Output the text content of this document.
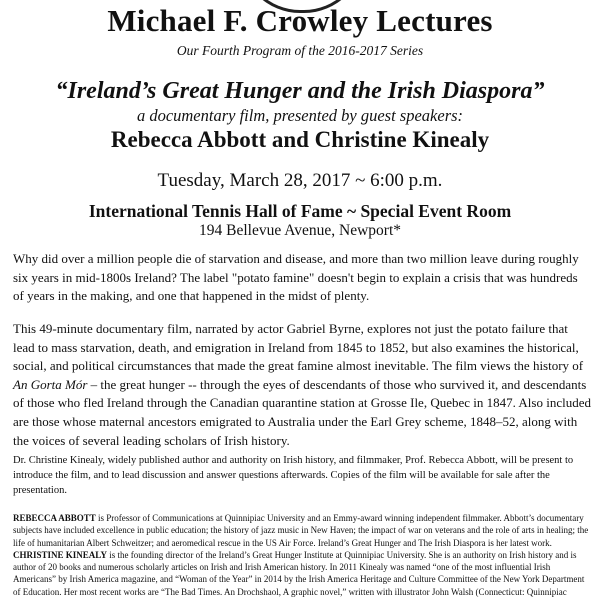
Michael F. Crowley Lectures
Our Fourth Program of the 2016-2017 Series
“Ireland’s Great Hunger and the Irish Diaspora”
a documentary film, presented by guest speakers:
Rebecca Abbott and Christine Kinealy
Tuesday, March 28, 2017 ~ 6:00 p.m.
International Tennis Hall of Fame ~ Special Event Room
194 Bellevue Avenue, Newport*

Why did over a million people die of starvation and disease, and more than two million leave during roughly six years in mid-1800s Ireland? The label "potato famine" doesn't begin to explain a crisis that was hundreds of years in the making, and one that happened in the midst of plenty.

This 49-minute documentary film, narrated by actor Gabriel Byrne, explores not just the potato failure that lead to mass starvation, death, and emigration in Ireland from 1845 to 1852, but also examines the historical, social, and political circumstances that made the great famine almost inevitable. The film views the history of An Gorta Mór – the great hunger -- through the eyes of descendants of those who survived it, and descendants of those who fled Ireland through the Canadian quarantine station at Grosse Ile, Quebec in 1847. Also included are those whose maternal ancestors emigrated to Australia under the Earl Grey scheme, 1848–52, along with the voices of several leading scholars of Irish history.

Dr. Christine Kinealy, widely published author and authority on Irish history, and filmmaker, Prof. Rebecca Abbott, will be present to introduce the film, and to lead discussion and answer questions afterwards. Copies of the film will be available for sale after the presentation.

REBECCA ABBOTT is Professor of Communications at Quinnipiac University and an Emmy-award winning independent filmmaker. Abbott’s documentary subjects have included excellence in public education; the history of jazz music in New Haven; the impact of war on veterans and the role of arts in healing; the life of humanitarian Albert Schweitzer; and aeromedical rescue in the US Air Force. Ireland’s Great Hunger and The Irish Diaspora is her latest work. CHRISTINE KINEALY is the founding director of the Ireland’s Great Hunger Institute at Quinnipiac University. She is an authority on Irish history and is author of 20 books and numerous scholarly articles on Irish and Irish American history. In 2011 Kinealy was named “one of the most influential Irish Americans” by Irish America magazine, and “Woman of the Year” in 2014 by the Irish America Heritage and Culture Committee of the New York Department of Education. Her most recent works are “The Bad Times. An Drochshaol, A graphic novel,” written with illustrator John Walsh (Connecticut: Quinnipiac
